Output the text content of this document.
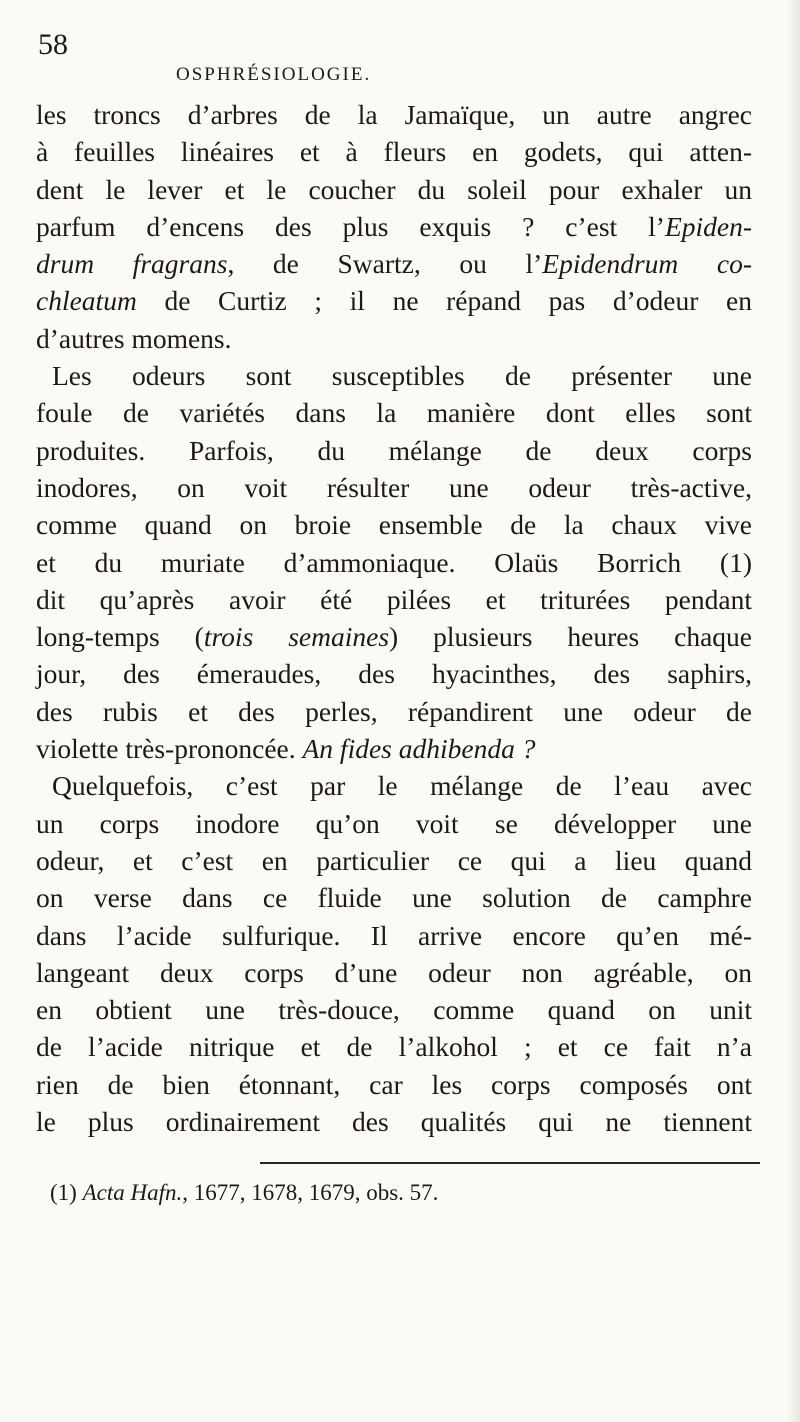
58
OSPHRÉSIOLOGIE.
les troncs d’arbres de la Jamaïque, un autre angrec
à feuilles linéaires et à fleurs en godets, qui atten-
dent le lever et le coucher du soleil pour exhaler un
parfum d’encens des plus exquis ? c’est l’Epiden-
drum fragrans, de Swartz, ou l’Epidendrum co-
chleatum de Curtiz ; il ne répand pas d’odeur en
d’autres momens.
Les odeurs sont susceptibles de présenter une
foule de variétés dans la manière dont elles sont
produites. Parfois, du mélange de deux corps
inodores, on voit résulter une odeur très-active,
comme quand on broie ensemble de la chaux vive
et du muriate d’ammoniaque. Olaüs Borrich (1)
dit qu’après avoir été pilées et triturées pendant
long-temps (trois semaines) plusieurs heures chaque
jour, des émeraudes, des hyacinthes, des saphirs,
des rubis et des perles, répandirent une odeur de
violette très-prononcée. An fides adhibenda ?
Quelquefois, c’est par le mélange de l’eau avec
un corps inodore qu’on voit se développer une
odeur, et c’est en particulier ce qui a lieu quand
on verse dans ce fluide une solution de camphre
dans l’acide sulfurique. Il arrive encore qu’en mé-
langeant deux corps d’une odeur non agréable, on
en obtient une très-douce, comme quand on unit
de l’acide nitrique et de l’alkohol ; et ce fait n’a
rien de bien étonnant, car les corps composés ont
le plus ordinairement des qualités qui ne tiennent
(1) Acta Hafn., 1677, 1678, 1679, obs. 57.
